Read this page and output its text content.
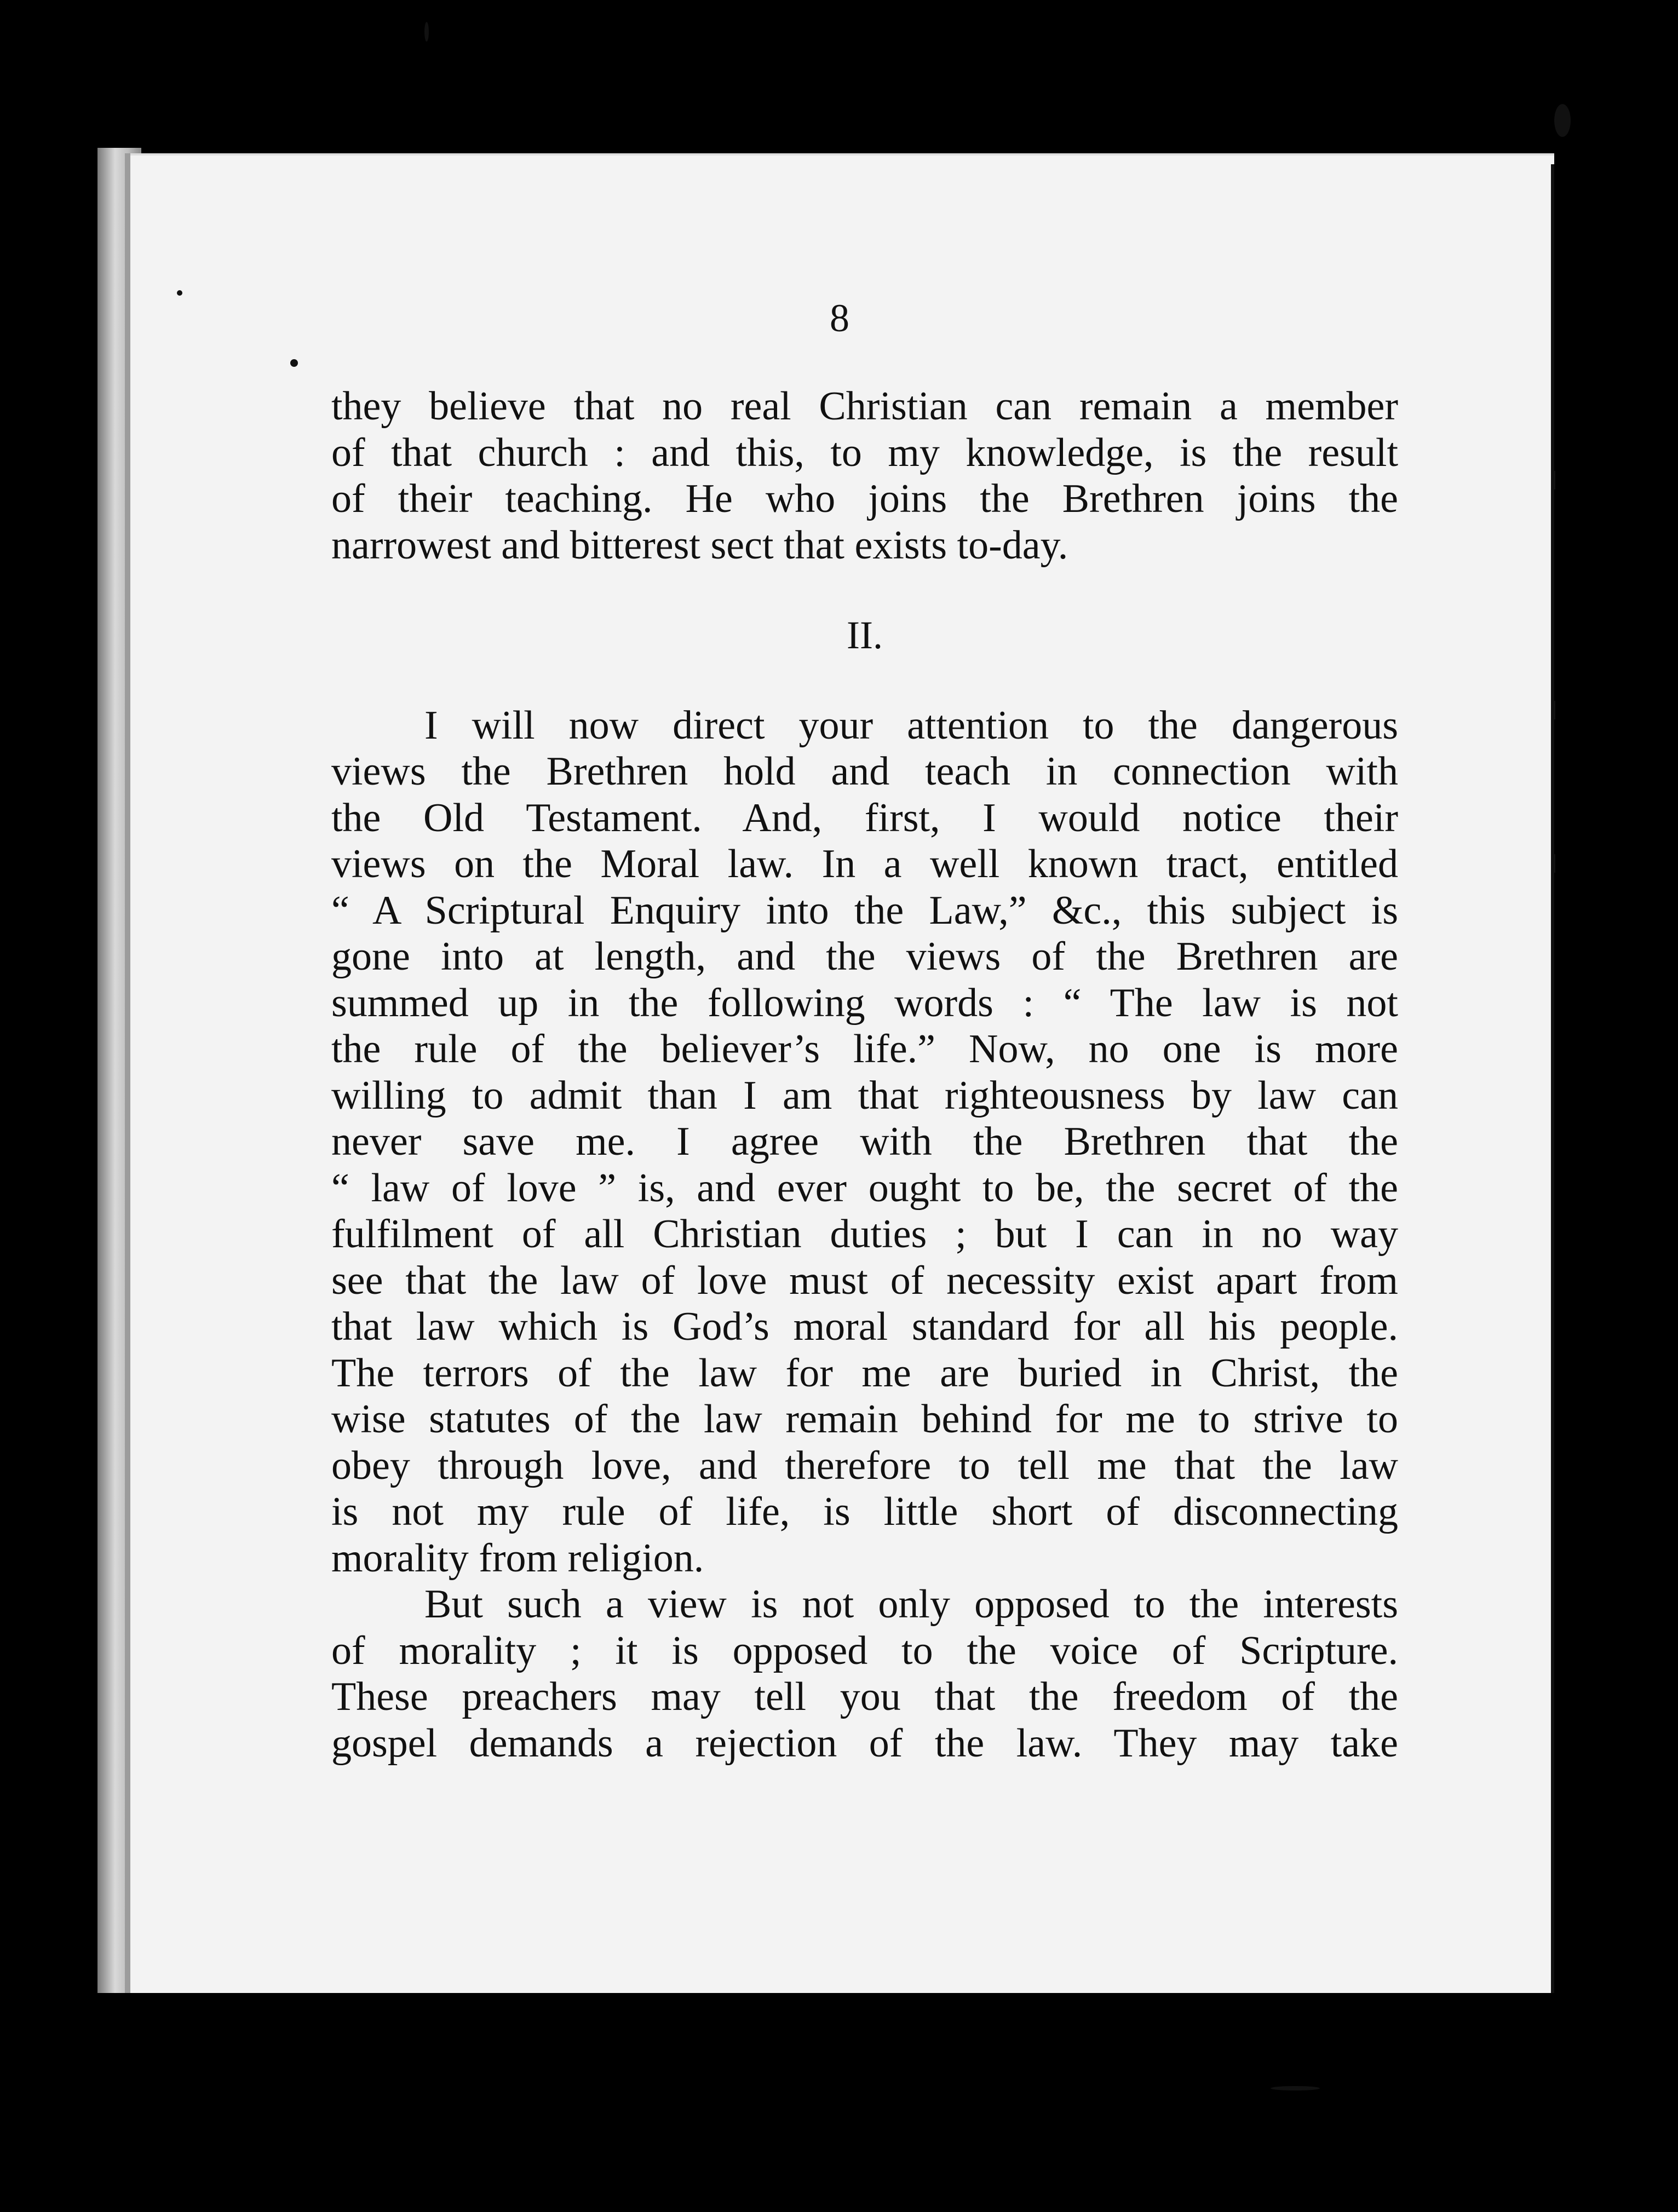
8
they believe that no real Christian can remain a member
of that church : and this, to my knowledge, is the result
of their teaching. He who joins the Brethren joins the
narrowest and bitterest sect that exists to-day.
II.
I will now direct your attention to the dangerous
views the Brethren hold and teach in connection with
the Old Testament. And, first, I would notice their
views on the Moral law. In a well known tract, entitled
“ A Scriptural Enquiry into the Law,” &c., this subject is
gone into at length, and the views of the Brethren are
summed up in the following words : “ The law is not
the rule of the believer’s life.” Now, no one is more
willing to admit than I am that righteousness by law can
never save me. I agree with the Brethren that the
“ law of love ” is, and ever ought to be, the secret of the
fulfilment of all Christian duties ; but I can in no way
see that the law of love must of necessity exist apart from
that law which is God’s moral standard for all his people.
The terrors of the law for me are buried in Christ, the
wise statutes of the law remain behind for me to strive to
obey through love, and therefore to tell me that the law
is not my rule of life, is little short of disconnecting
morality from religion.
But such a view is not only opposed to the interests
of morality ; it is opposed to the voice of Scripture.
These preachers may tell you that the freedom of the
gospel demands a rejection of the law. They may take
